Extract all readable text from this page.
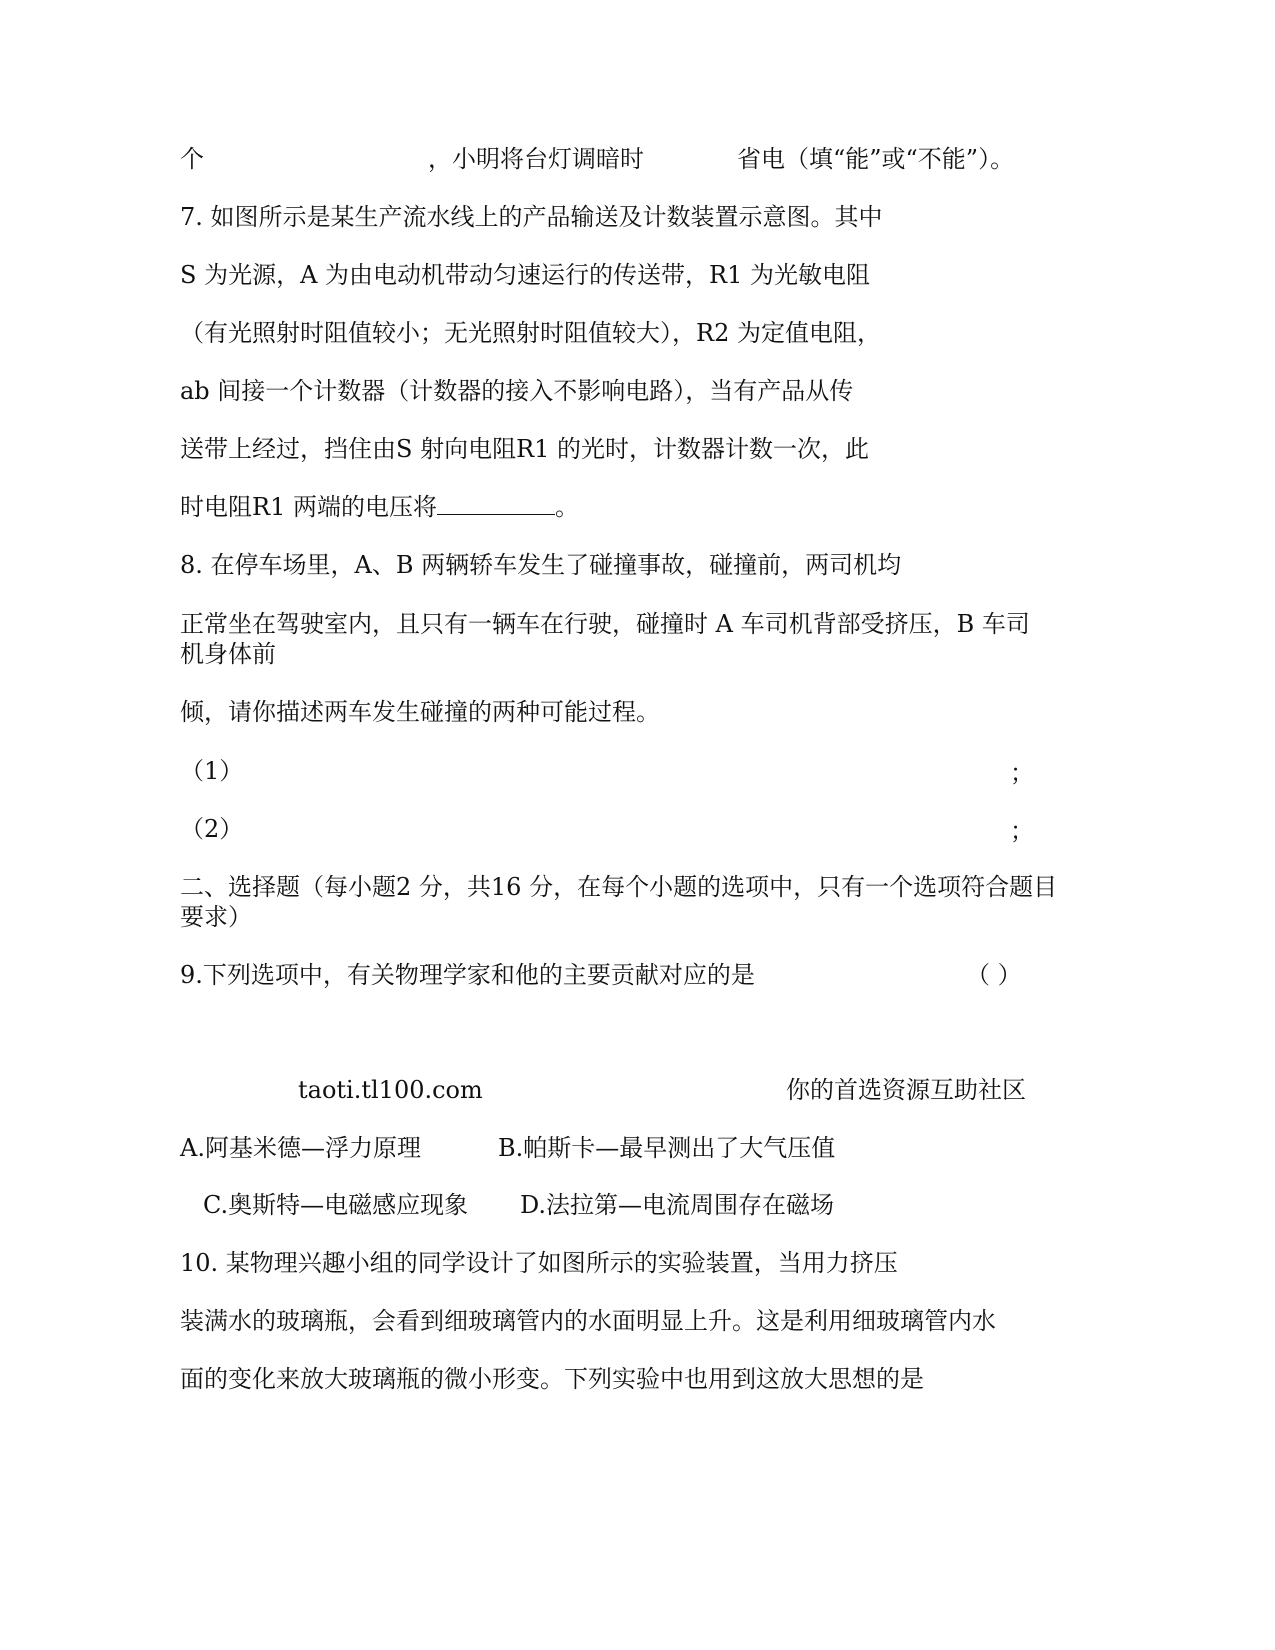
个	，小明将台灯调暗时	省电（填“能”或“不能”）。
7. 如图所示是某生产流水线上的产品输送及计数装置示意图。其中
S 为光源，A 为由电动机带动匀速运行的传送带，R1 为光敏电阻
（有光照射时阻值较小；无光照射时阻值较大），R2 为定值电阻，
ab 间接一个计数器（计数器的接入不影响电路），当有产品从传
送带上经过，挡住由S 射向电阻R1 的光时，计数器计数一次，此
时电阻R1 两端的电压将	。
8. 在停车场里，A、B 两辆轿车发生了碰撞事故，碰撞前，两司机均
正常坐在驾驶室内，且只有一辆车在行驶，碰撞时 A 车司机背部受挤压，B 车司机身体前
倾，请你描述两车发生碰撞的两种可能过程。
（1）	；
（2）	；
二、选择题（每小题2 分，共16 分，在每个小题的选项中，只有一个选项符合题目要求）
9.下列选项中，有关物理学家和他的主要贡献对应的是	（ ）
taoti.tl100.com	你的首选资源互助社区
A.阿基米德—浮力原理	B.帕斯卡—最早测出了大气压值
C.奥斯特—电磁感应现象 D.法拉第—电流周围存在磁场
10. 某物理兴趣小组的同学设计了如图所示的实验装置，当用力挤压
装满水的玻璃瓶，会看到细玻璃管内的水面明显上升。这是利用细玻璃管内水
面的变化来放大玻璃瓶的微小形变。下列实验中也用到这放大思想的是
